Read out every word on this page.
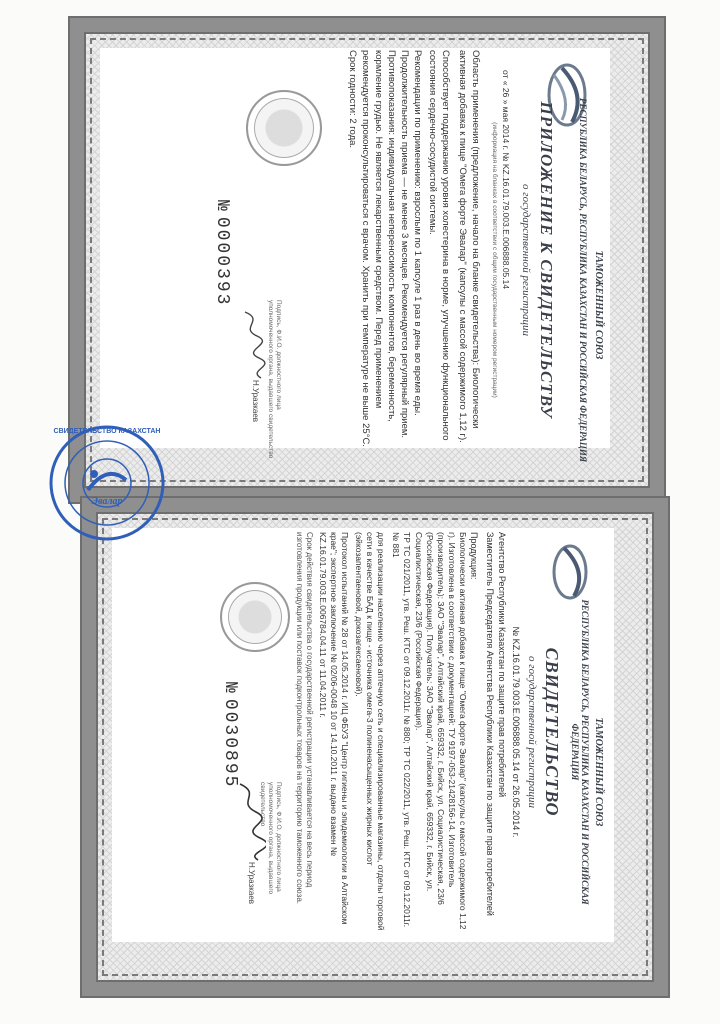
ТАМОЖЕННЫЙ СОЮЗ
РЕСПУБЛИКА БЕЛАРУСЬ, РЕСПУБЛИКА КАЗАХСТАН И РОССИЙСКАЯ ФЕДЕРАЦИЯ
ПРИЛОЖЕНИЕ К СВИДЕТЕЛЬСТВУ
о государственной регистрации
от « 26 » мая 2014 г. № KZ.16.01.79.003.E.006888.05.14
(информация на бланках в соответствии с общим государственным номером регистрации)
Область применения (предложение, начало на бланке свидетельства): Биологически активная добавка к пище "Омега форте Эвалар" (капсулы с массой содержимого 1,12 г).
Способствует поддержанию уровня холестерина в норме, улучшению функционального состояния сердечно-сосудистой системы.
Рекомендации по применению: взрослым по 1 капсуле 1 раз в день во время еды. Продолжительность приема — не менее 3 месяцев. Рекомендуется регулярный прием. Противопоказания: индивидуальная непереносимость компонентов, беременность, кормление грудью. Не является лекарственным средством. Перед применением рекомендуется проконсультироваться с врачом. Хранить при температуре не выше 25°С. Срок годности: 2 года.
Подпись, Ф.И.О. должностного лица уполномоченного органа, выдавшего свидетельство
Н.Уразкаев
№ 0000393
ТАМОЖЕННЫЙ СОЮЗ
РЕСПУБЛИКА БЕЛАРУСЬ, РЕСПУБЛИКА КАЗАХСТАН И РОССИЙСКАЯ ФЕДЕРАЦИЯ
СВИДЕТЕЛЬСТВО
о государственной регистрации
№ KZ.16.01.79.003.E.006888.05.14 от 26.05.2014 г.
Агентство Республики Казахстан по защите прав потребителей
Заместитель Председателя Агентства Республики Казахстан по защите прав потребителей
Продукция:
Биологически активная добавка к пище "Омега форте Эвалар" (капсулы с массой содержимого 1,12 г). Изготовлена в соответствии с документацией: ТУ 9197-053-21428156-14. Изготовитель (производитель): ЗАО "Эвалар", Алтайский край, 659332, г. Бийск, ул. Социалистическая, 23/6 (Российская Федерация). Получатель: ЗАО "Эвалар", Алтайский край, 659332, г. Бийск, ул. Социалистическая, 23/6 (Российская Федерация).
ТР ТС 021/2011, утв. Реш. КТС от 09.12.2011г. № 880; ТР ТС 022/2011, утв. Реш. КТС от 09.12.2011г. № 881
для реализации населению через аптечную сеть и специализированные магазины, отделы торговой сети в качестве БАД к пище - источника омега-3 полиненасыщенных жирных кислот (эйкозапентаеновой, докозагексаеновой).
Протокол испытаний № 28 от 14.05.2014 г. ИЦ ФБУЗ "Центр гигиены и эпидемиологии в Алтайском крае"; экспертное заключение № 02/06-0048 10 от 14.10.2011 г. выдано взамен № KZ.16.01.79.003.Е.006784.04.11 от 11.04.2011 г.
Срок действия свидетельства о государственной регистрации устанавливается на весь период изготовления продукции или поставок подконтрольных товаров на территорию таможенного союза.
Подпись, Ф.И.О. должностного лица уполномоченного органа, выдавшего свидетельство
Н.Уразкаев
№ 0030895
СВИДЕТЕЛЬСТВО КАЗАХСТАН
Эвалар
